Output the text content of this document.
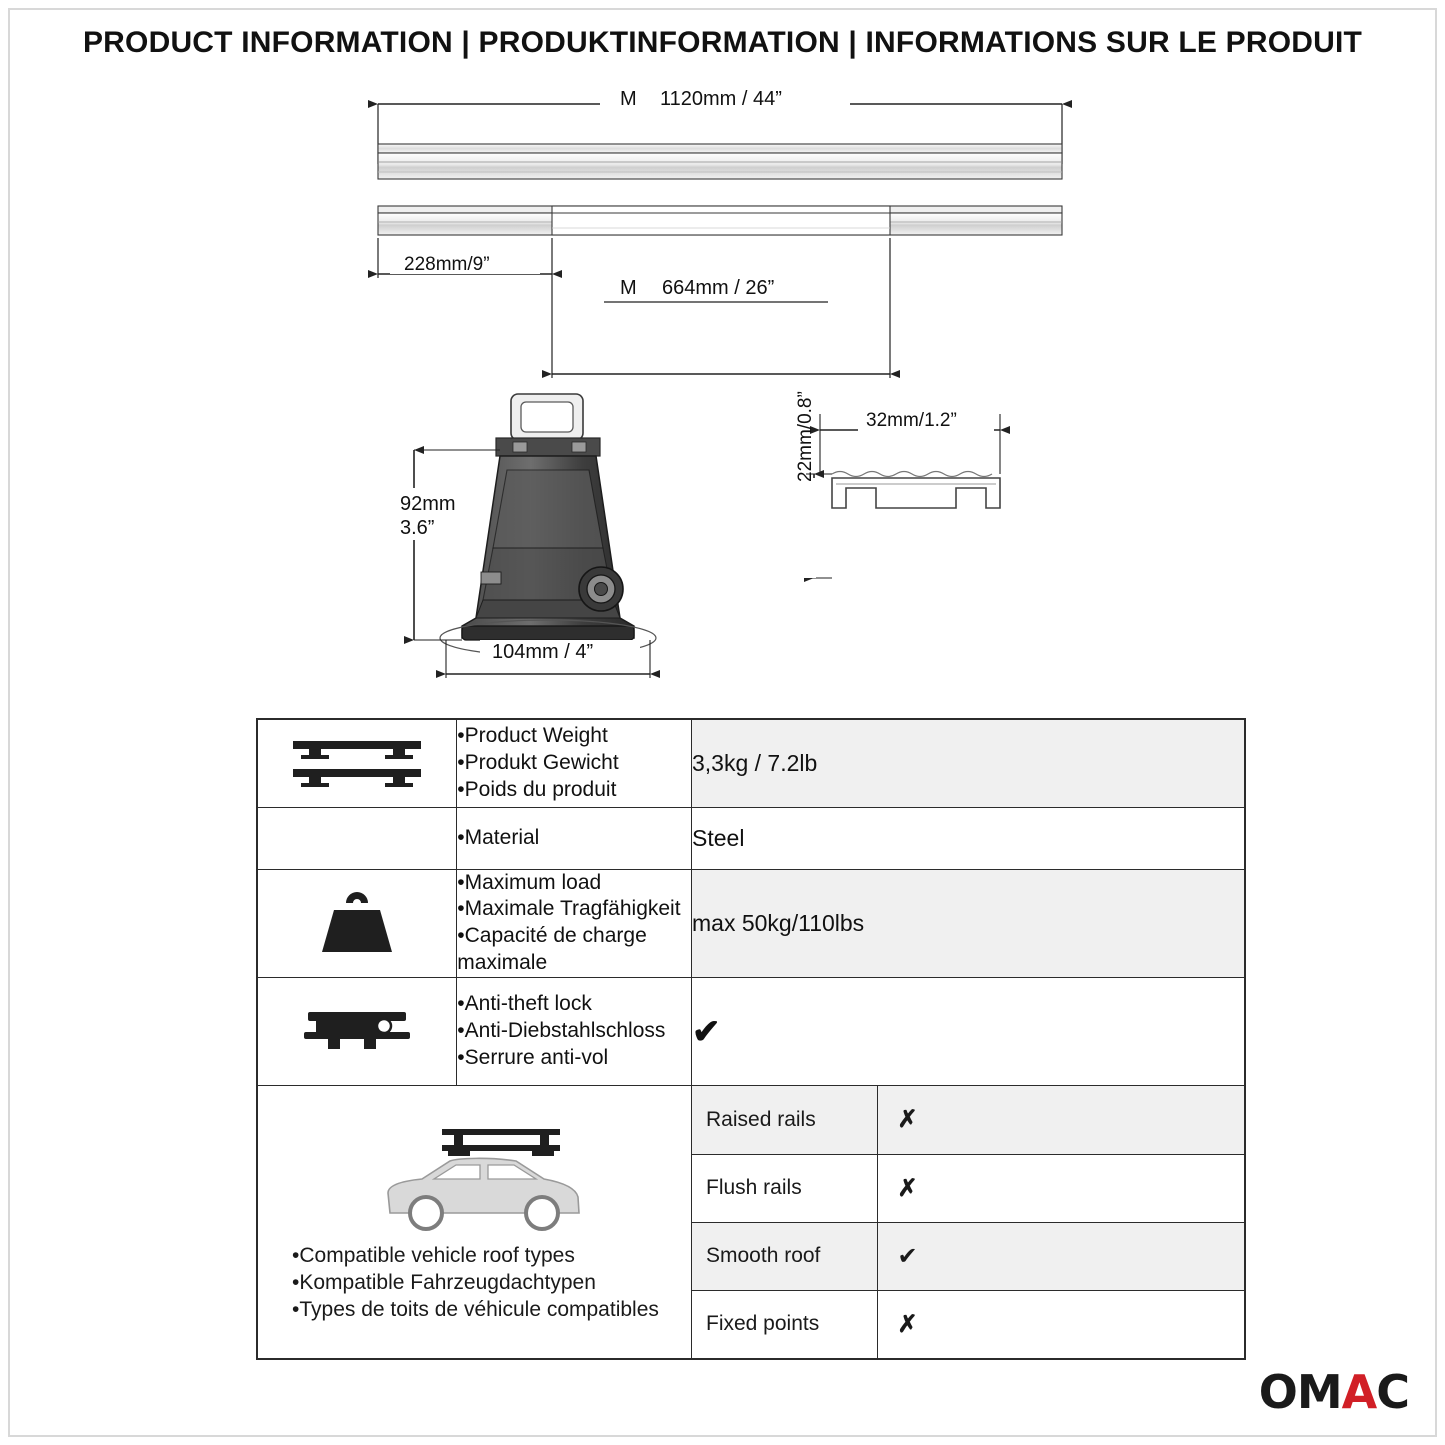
PRODUCT INFORMATION | PRODUKTINFORMATION | INFORMATIONS SUR LE PRODUIT
M 1120mm / 44”
228mm/9”
M 664mm / 26”
92mm
3.6”
104mm / 4”
32mm/1.2”
22mm/0.8”

•Product Weight
•Produkt Gewicht
•Poids du produit
	3,3kg / 7.2lb
	•Material	Steel

•Maximum load
•Maximale Tragfähigkeit
•Capacité de charge maximale
	max 50kg/110lbs

•Anti-theft lock
•Anti-Diebstahlschloss
•Serrure anti-vol
	✔

•Compatible vehicle roof types
•Kompatible Fahrzeugdachtypen
•Types de toits de véhicule compatibles

Raised rails	✗
Flush rails	✗
Smooth roof	✔
Fixed points	✗
OMAC
